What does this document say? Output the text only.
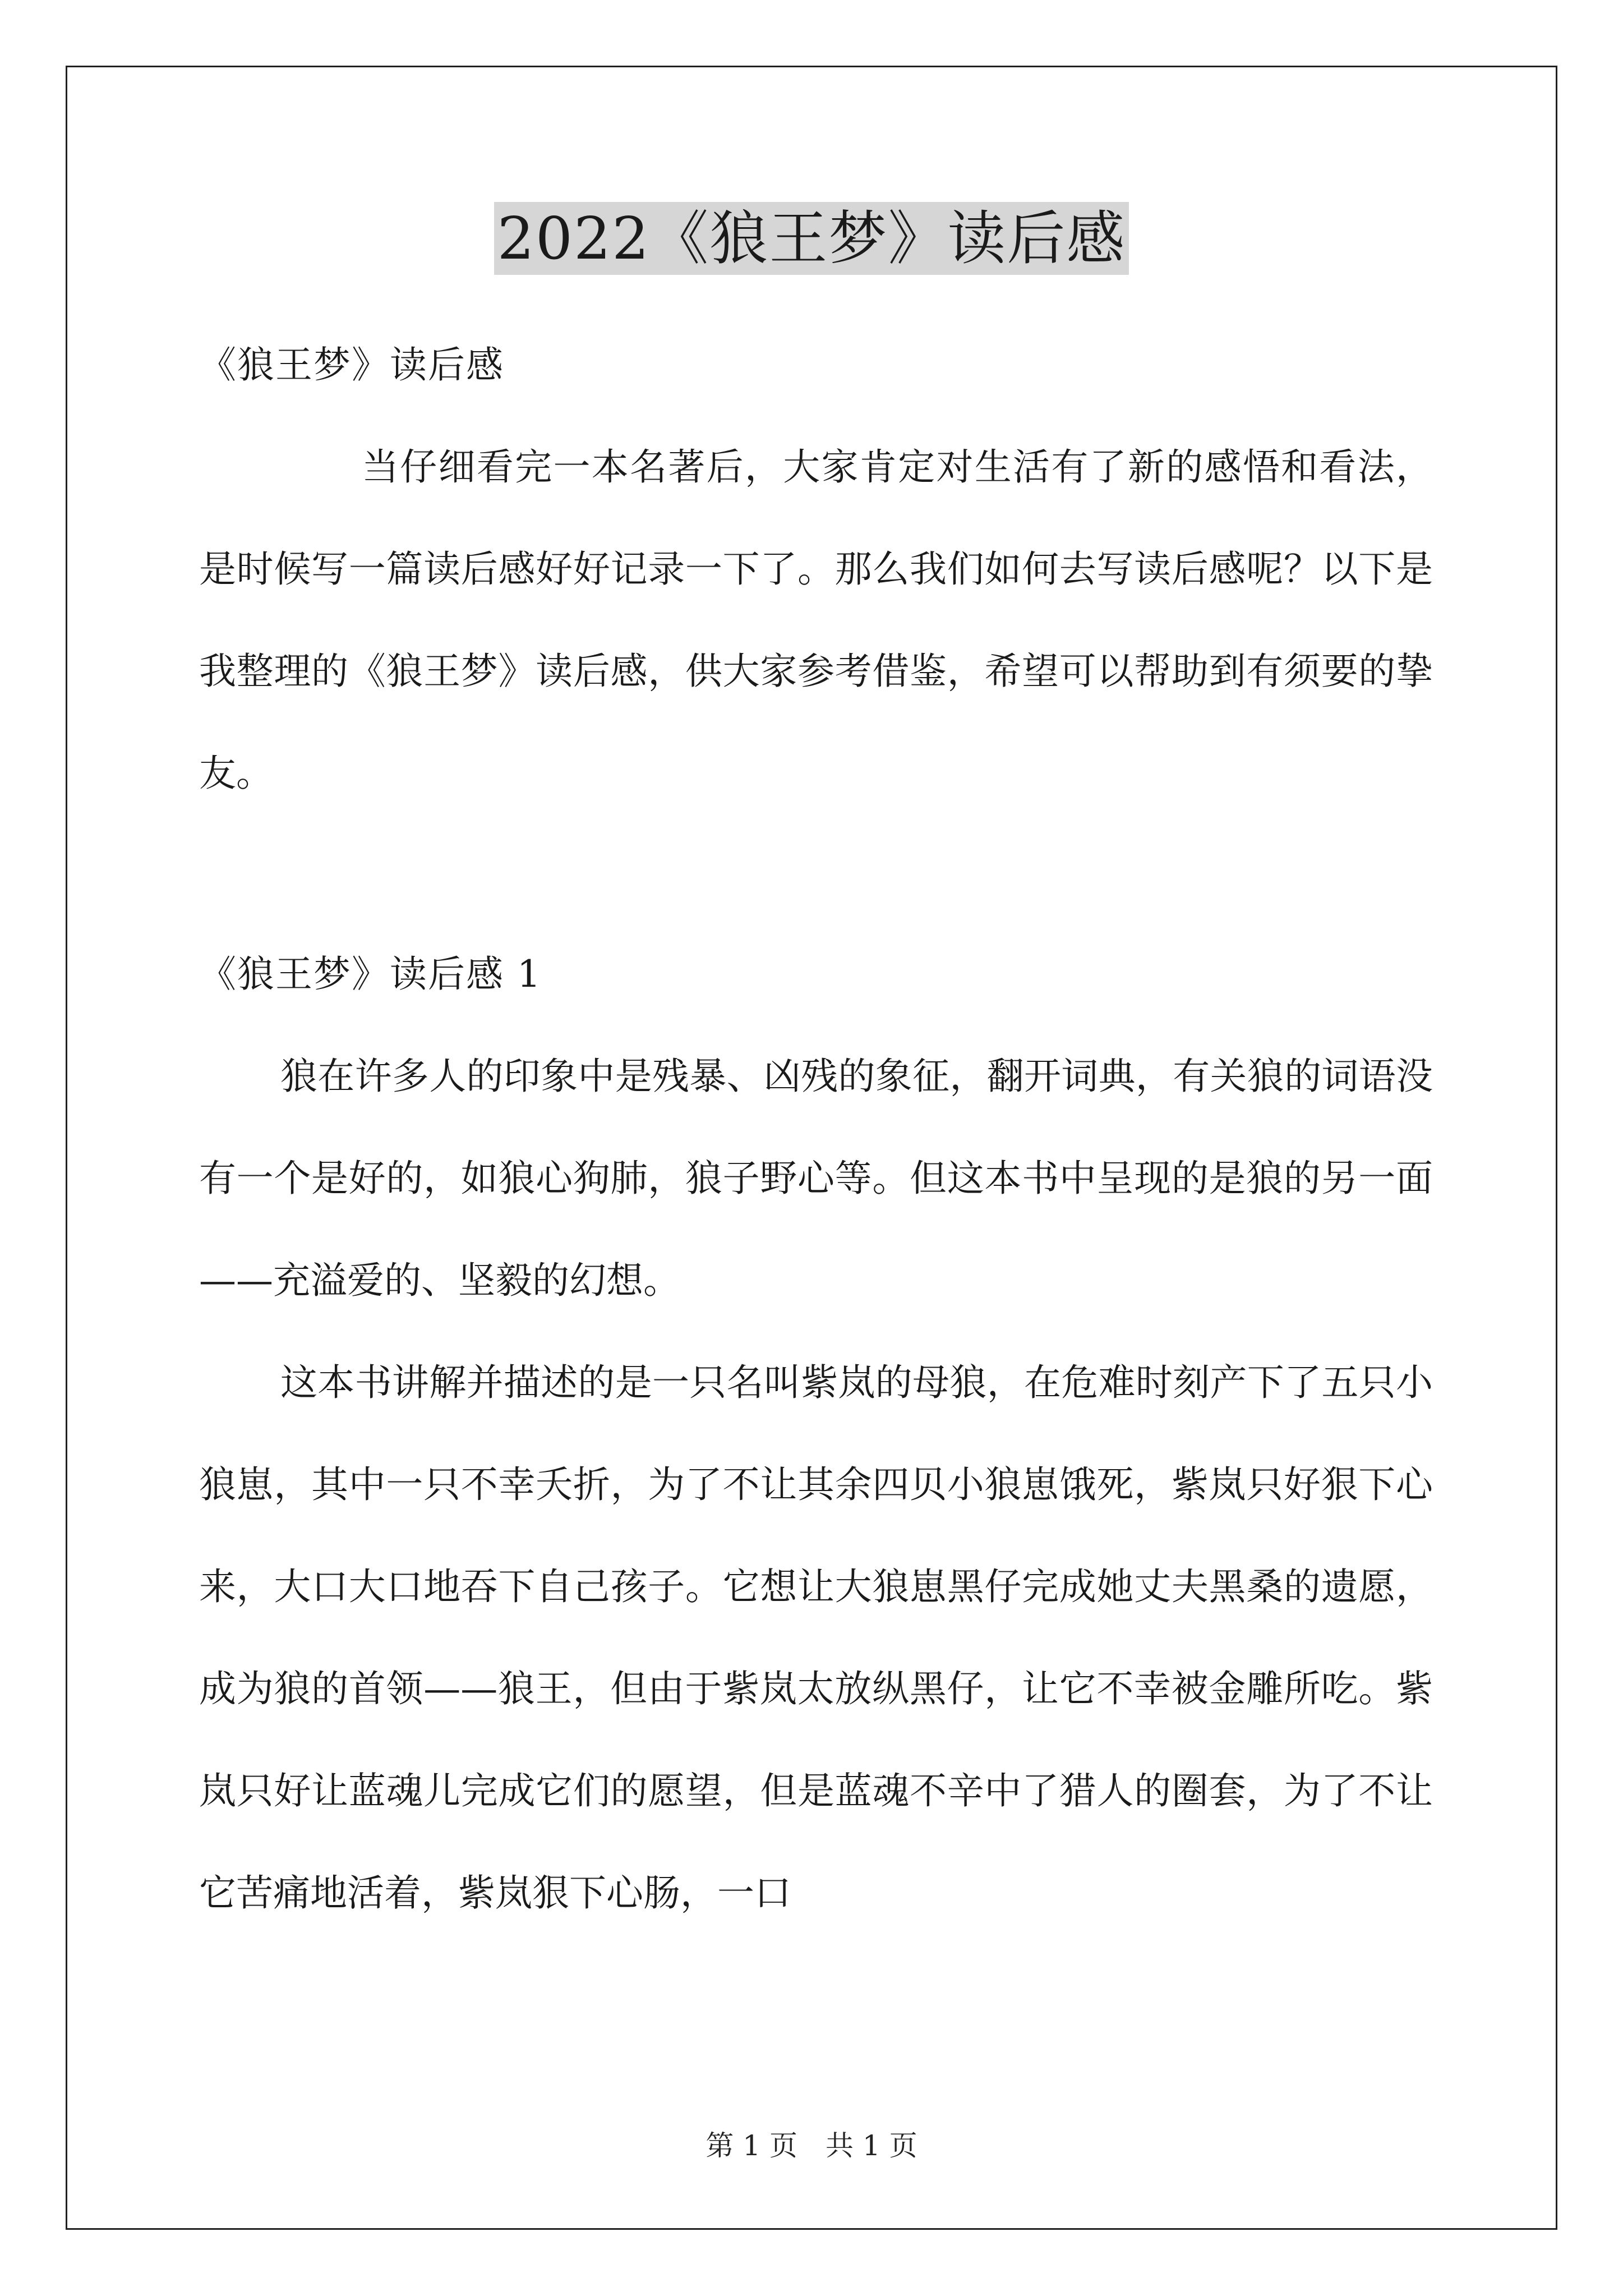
2022《狼王梦》读后感

《狼王梦》读后感

当仔细看完一本名著后，大家肯定对生活有了新的感悟和看法，是时候写一篇读后感好好记录一下了。那么我们如何去写读后感呢？以下是我整理的《狼王梦》读后感，供大家参考借鉴，希望可以帮助到有须要的挚友。

《狼王梦》读后感 1

狼在许多人的印象中是残暴、凶残的象征，翻开词典，有关狼的词语没有一个是好的，如狼心狗肺，狼子野心等。但这本书中呈现的是狼的另一面——充溢爱的、坚毅的幻想。

这本书讲解并描述的是一只名叫紫岚的母狼，在危难时刻产下了五只小狼崽，其中一只不幸夭折，为了不让其余四贝小狼崽饿死，紫岚只好狠下心来，大口大口地吞下自己孩子。它想让大狼崽黑仔完成她丈夫黑桑的遗愿，成为狼的首领——狼王，但由于紫岚太放纵黑仔，让它不幸被金雕所吃。紫岚只好让蓝魂儿完成它们的愿望，但是蓝魂不辛中了猎人的圈套，为了不让它苦痛地活着，紫岚狠下心肠，一口

第 1 页 共 1 页
